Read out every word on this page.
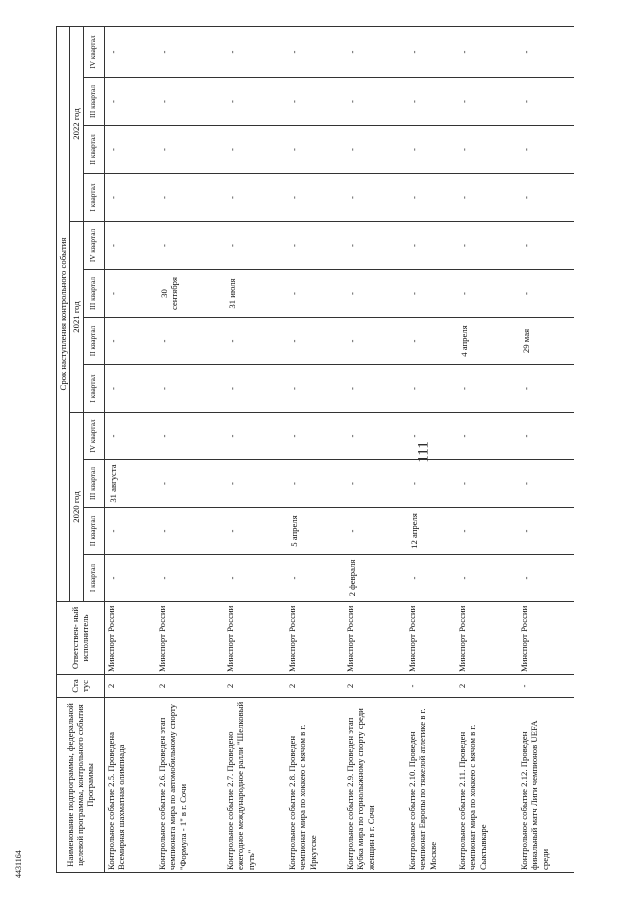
111
4431164	Наименование подпрограммы, федеральной целевой программы, контрольного события Программы	Ста тус	Ответствен- ный исполнитель	Срок наступления контрольного события											
			2020 год				2021 год				2022 год			
			I квартал	II квартал	III квартал	IV квартал	I квартал	II квартал	III квартал	IV квартал	I квартал	II квартал	III квартал	IV квартал
Контрольное событие 2.5. Проведена Всемирная шахматная олимпиада	2	Минспорт России	-	-	31 августа	-	-	-	-	-	-	-	-	-
Контрольное событие 2.6. Проведен этап чемпионата мира по автомобильному спорту "Формула - 1" в г. Сочи	2	Минспорт России	-	-	-	-	-	-	30 сентября	-	-	-	-	-
Контрольное событие 2.7. Проведено ежегодное международное ралли "Шелковый путь"	2	Минспорт России	-	-	-	-	-	-	31 июля	-	-	-	-	-
Контрольное событие 2.8. Проведен чемпионат мира по хоккею с мячом в г. Иркутске	2	Минспорт России	-	5 апреля	-	-	-	-	-	-	-	-	-	-
Контрольное событие 2.9. Проведен этап Кубка мира по горнолыжному спорту среди женщин в г. Сочи	2	Минспорт России	2 февраля	-	-	-	-	-	-	-	-	-	-	-
Контрольное событие 2.10. Проведен чемпионат Европы по тяжелой атлетике в г. Москве	-	Минспорт России	-	12 апреля	-	-	-	-	-	-	-	-	-	-
Контрольное событие 2.11. Проведен чемпионат мира по хоккею с мячом в г. Сыктывкаре	2	Минспорт России	-	-	-	-	-	4 апреля	-	-	-	-	-	-
Контрольное событие 2.12. Проведен финальный матч Лиги чемпионов UEFA среди	-	Минспорт России	-	-	-	-	-	29 мая	-	-	-	-	-	-
